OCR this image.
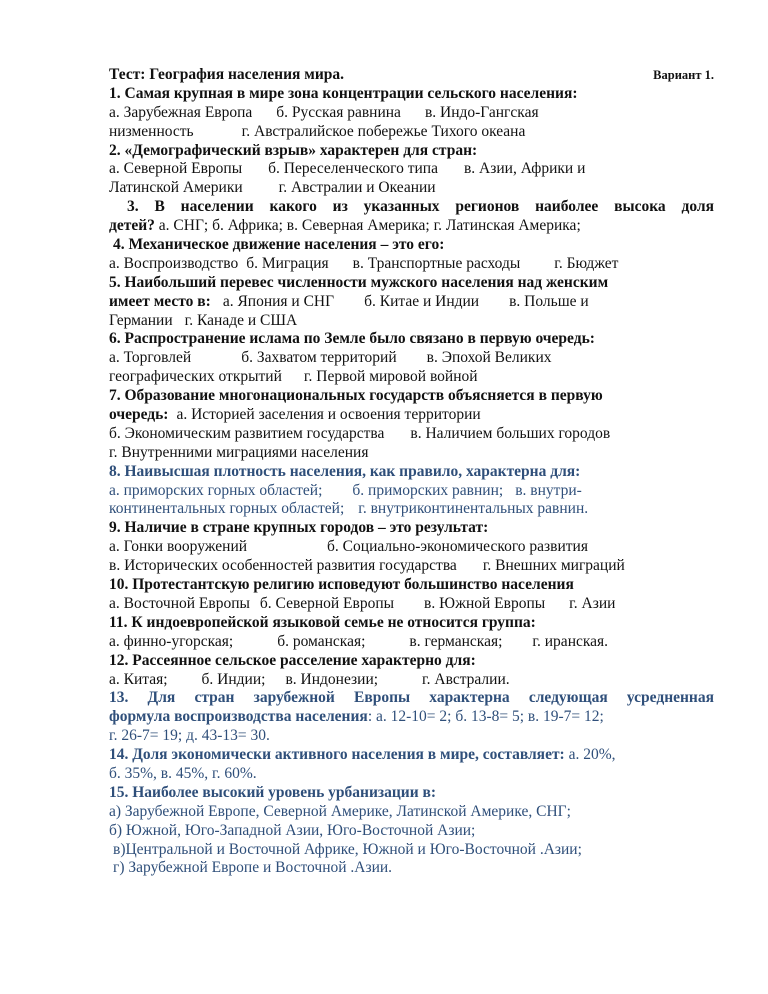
Тест: География населения мира.	Вариант 1.
1. Самая крупная в мире зона концентрации сельского населения:
а. Зарубежная Европа б. Русская равнина в. Индо-Гангская
низменность	г. Австралийское побережье Тихого океана
2. «Демографический взрыв» характерен для стран:
а. Северной Европы б. Переселенческого типа в. Азии, Африки и
Латинской Америки г. Австралии и Океании
3. В населении какого из указанных регионов наиболее высока доля
детей? а. СНГ; б. Африка; в. Северная Америка; г. Латинская Америка;
4. Механическое движение населения – это его:
а. Воспроизводство б. Миграция в. Транспортные расходы г. Бюджет
5. Наибольший перевес численности мужского населения над женским
имеет место в: а. Япония и СНГ б. Китае и Индии в. Польше и
Германии г. Канаде и США
6. Распространение ислама по Земле было связано в первую очередь:
а. Торговлей	б. Захватом территорий в. Эпохой Великих
географических открытий г. Первой мировой войной
7. Образование многонациональных государств объясняется в первую
очередь: а. Историей заселения и освоения территории
б. Экономическим развитием государства в. Наличием больших городов
г. Внутренними миграциями населения
8. Наивысшая плотность населения, как правило, характерна для:
а. приморских горных областей; б. приморских равнин; в. внутри-
континентальных горных областей; г. внутриконтинентальных равнин.
9. Наличие в стране крупных городов – это результат:
а. Гонки вооружений	б. Социально-экономического развития
в. Исторических особенностей развития государства г. Внешних миграций
10. Протестантскую религию исповедуют большинство населения
а. Восточной Европы б. Северной Европы в. Южной Европы г. Азии
11. К индоевропейской языковой семье не относится группа:
а. финно-угорская;	б. романская;	в. германская; г. иранская.
12. Рассеянное сельское расселение характерно для:
а. Китая; б. Индии; в. Индонезии;	г. Австралии.
13. Для стран зарубежной Европы характерна следующая усредненная
формула воспроизводства населения: а. 12-10= 2; б. 13-8= 5; в. 19-7= 12;
г. 26-7= 19; д. 43-13= 30.
14. Доля экономически активного населения в мире, составляет: а. 20%,
б. 35%, в. 45%, г. 60%.
15. Наиболее высокий уровень урбанизации в:
а) Зарубежной Европе, Северной Америке, Латинской Америке, СНГ;
б) Южной, Юго-Западной Азии, Юго-Восточной Азии;
в)Центральной и Восточной Африке, Южной и Юго-Восточной .Азии;
г) Зарубежной Европе и Восточной .Азии.
